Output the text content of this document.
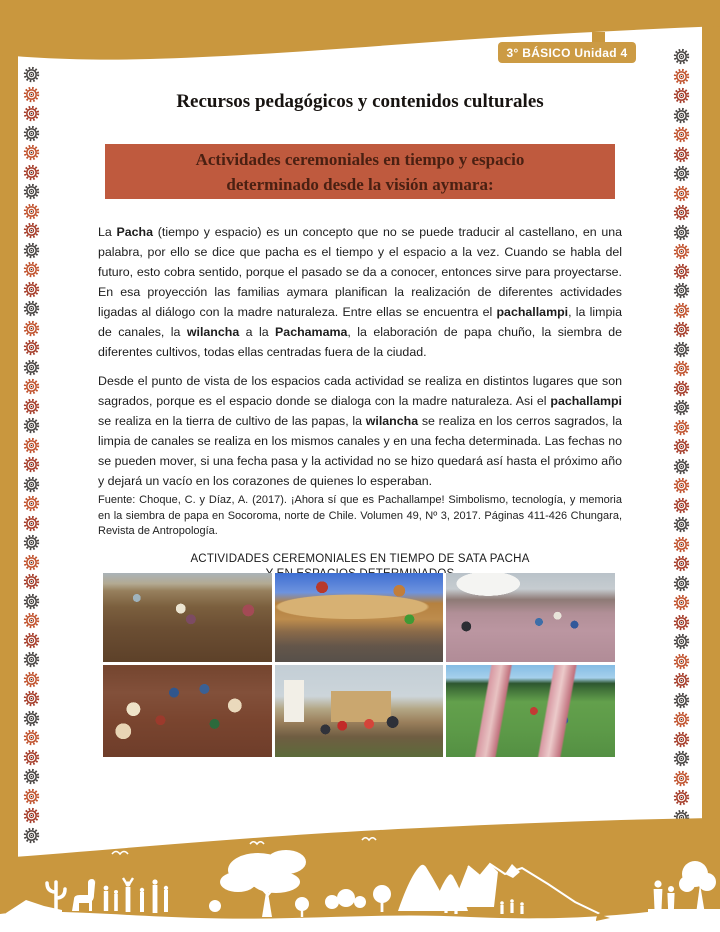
3° BÁSICO Unidad 4
Recursos pedagógicos y contenidos culturales
Actividades ceremoniales en tiempo y espacio
determinado desde la visión aymara:

La Pacha (tiempo y espacio) es un concepto que no se puede traducir al castellano, en una palabra, por ello se dice que pacha es el tiempo y el espacio a la vez. Cuando se habla del futuro, esto cobra sentido, porque el pasado se da a conocer, entonces sirve para proyectarse. En esa proyección las familias aymara planifican la realización de diferentes actividades ligadas al diálogo con la madre naturaleza. Entre ellas se encuentra el pachallampi, la limpia de canales, la wilancha a la Pachamama, la elaboración de papa chuño, la siembra de diferentes cultivos, todas ellas centradas fuera de la ciudad.

Desde el punto de vista de los espacios cada actividad se realiza en distintos lugares que son sagrados, porque es el espacio donde se dialoga con la madre naturaleza. Asi el pachallampi se realiza en la tierra de cultivo de las papas, la wilancha se realiza en los cerros sagrados, la limpia de canales se realiza en los mismos canales y en una fecha determinada. Las fechas no se pueden mover, si una fecha pasa y la actividad no se hizo quedará así hasta el próximo año y dejará un vacío en los corazones de quienes lo esperaban.

Fuente: Choque, C. y Díaz, A. (2017). ¡Ahora sí que es Pachallampe! Simbolismo, tecnología, y memoria en la siembra de papa en Socoroma, norte de Chile. Volumen 49, Nº 3, 2017. Páginas 411-426 Chungara, Revista de Antropología.
ACTIVIDADES CEREMONIALES EN TIEMPO DE SATA PACHA
